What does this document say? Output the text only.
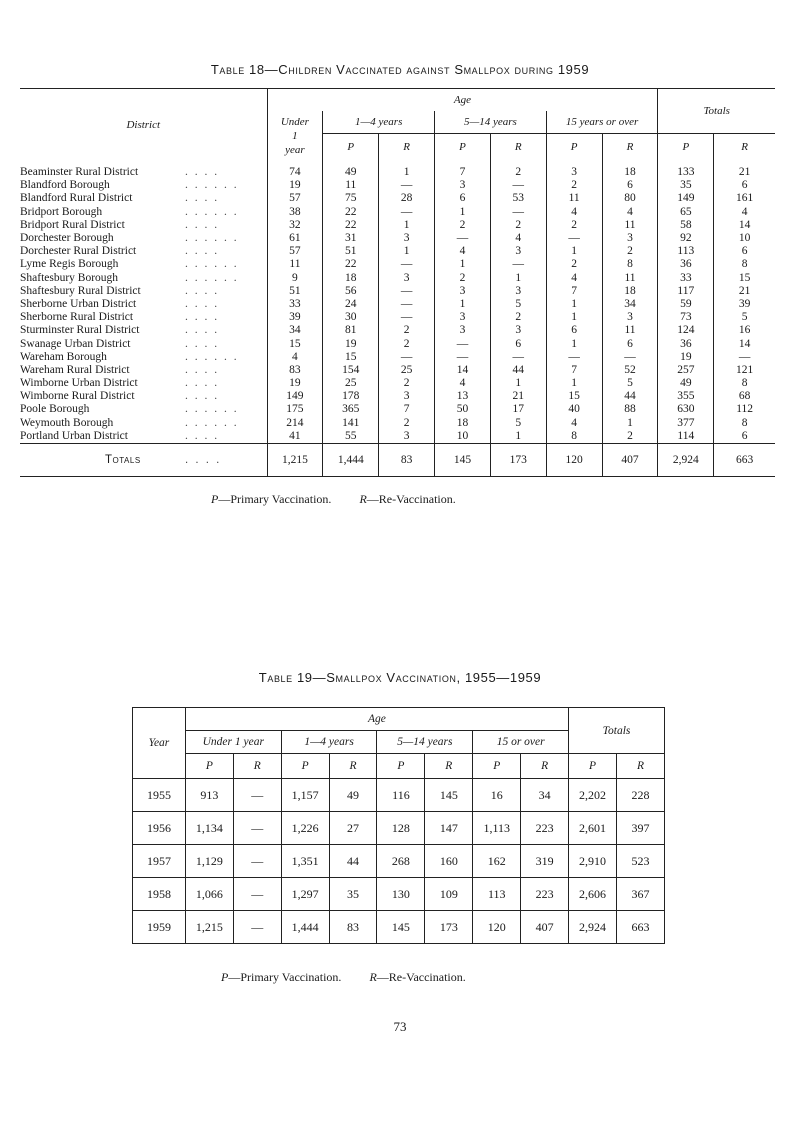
Table 18—Children Vaccinated against Smallpox during 1959
District	Age							Totals	
	Under
1
year	1—4 years		5—14 years		15 years or over			
		P	R	P	R	P	R	P	R
Beaminster Rural District . . . .	74	49	1	7	2	3	18	133	21
Blandford Borough . . . . . .	19	11	—	3	—	2	6	35	6
Blandford Rural District . . . .	57	75	28	6	53	11	80	149	161
Bridport Borough . . . . . .	38	22	—	1	—	4	4	65	4
Bridport Rural District . . . .	32	22	1	2	2	2	11	58	14
Dorchester Borough . . . . . .	61	31	3	—	4	—	3	92	10
Dorchester Rural District . . . .	57	51	1	4	3	1	2	113	6
Lyme Regis Borough . . . . . .	11	22	—	1	—	2	8	36	8
Shaftesbury Borough . . . . . .	9	18	3	2	1	4	11	33	15
Shaftesbury Rural District . . . .	51	56	—	3	3	7	18	117	21
Sherborne Urban District . . . .	33	24	—	1	5	1	34	59	39
Sherborne Rural District . . . .	39	30	—	3	2	1	3	73	5
Sturminster Rural District . . . .	34	81	2	3	3	6	11	124	16
Swanage Urban District . . . .	15	19	2	—	6	1	6	36	14
Wareham Borough . . . . . .	4	15	—	—	—	—	—	19	—
Wareham Rural District . . . .	83	154	25	14	44	7	52	257	121
Wimborne Urban District . . . .	19	25	2	4	1	1	5	49	8
Wimborne Rural District . . . .	149	178	3	13	21	15	44	355	68
Poole Borough . . . . . .	175	365	7	50	17	40	88	630	112
Weymouth Borough . . . . . .	214	141	2	18	5	4	1	377	8
Portland Urban District . . . .	41	55	3	10	1	8	2	114	6

Totals . . . .	1,215	1,444	83	145	173	120	407	2,924	663
P—Primary Vaccination. R—Re-Vaccination.
Table 19—Smallpox Vaccination, 1955—1959
Year	Age								Totals	
	Under 1 year		1—4 years		5—14 years		15 or over			
	P	R	P	R	P	R	P	R	P	R
1955	913	—	1,157	49	116	145	16	34	2,202	228
1956	1,134	—	1,226	27	128	147	1,113	223	2,601	397
1957	1,129	—	1,351	44	268	160	162	319	2,910	523
1958	1,066	—	1,297	35	130	109	113	223	2,606	367
1959	1,215	—	1,444	83	145	173	120	407	2,924	663
P—Primary Vaccination. R—Re-Vaccination.
73
